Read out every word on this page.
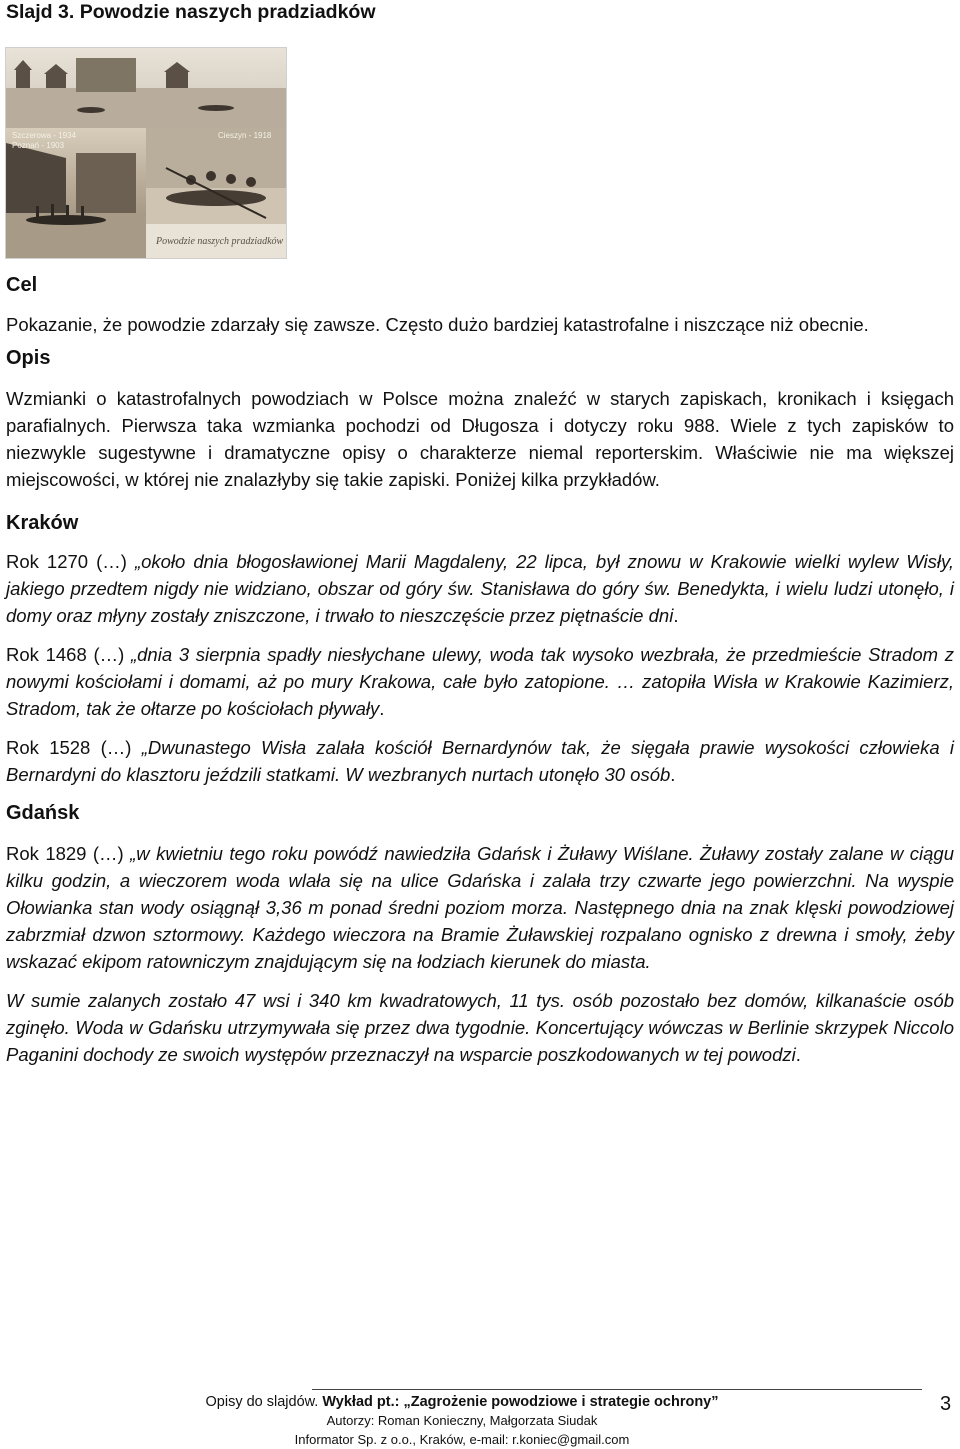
Slajd 3. Powodzie naszych pradziadków
Szczerowa - 1934
Poznań - 1903
Cieszyn - 1918
Powodzie naszych pradziadków
Cel

Pokazanie, że powodzie zdarzały się zawsze. Często dużo bardziej katastrofalne i niszczące niż obecnie.

Opis

Wzmianki o katastrofalnych powodziach w Polsce można znaleźć w starych zapiskach, kronikach i księgach parafialnych. Pierwsza taka wzmianka pochodzi od Długosza i dotyczy roku 988. Wiele z tych zapisków to niezwykle sugestywne i dramatyczne opisy o charakterze niemal reporterskim. Właściwie nie ma większej miejscowości, w której nie znalazłyby się takie zapiski. Poniżej kilka przykładów.

Kraków

Rok 1270 (…) „około dnia błogosławionej Marii Magdaleny, 22 lipca, był znowu w Krakowie wielki wylew Wisły, jakiego przedtem nigdy nie widziano, obszar od góry św. Stanisława do góry św. Benedykta, i wielu ludzi utonęło, i domy oraz młyny zostały zniszczone, i trwało to nieszczęście przez piętnaście dni.

Rok 1468 (…) „dnia 3 sierpnia spadły niesłychane ulewy, woda tak wysoko wezbrała, że przedmieście Stradom z nowymi kościołami i domami, aż po mury Krakowa, całe było zatopione. … zatopiła Wisła w Krakowie Kazimierz, Stradom, tak że ołtarze po kościołach pływały.

Rok 1528 (…) „Dwunastego Wisła zalała kościół Bernardynów tak, że sięgała prawie wysokości człowieka i Bernardyni do klasztoru jeździli statkami. W wezbranych nurtach utonęło 30 osób.

Gdańsk

Rok 1829 (…) „w kwietniu tego roku powódź nawiedziła Gdańsk i Żuławy Wiślane. Żuławy zostały zalane w ciągu kilku godzin, a wieczorem woda wlała się na ulice Gdańska i zalała trzy czwarte jego powierzchni. Na wyspie Ołowianka stan wody osiągnął 3,36 m ponad średni poziom morza. Następnego dnia na znak klęski powodziowej zabrzmiał dzwon sztormowy. Każdego wieczora na Bramie Żuławskiej rozpalano ognisko z drewna i smoły, żeby wskazać ekipom ratowniczym znajdującym się na łodziach kierunek do miasta.

W sumie zalanych zostało 47 wsi i 340 km kwadratowych, 11 tys. osób pozostało bez domów, kilkanaście osób zginęło. Woda w Gdańsku utrzymywała się przez dwa tygodnie. Koncertujący wówczas w Berlinie skrzypek Niccolo Paganini dochody ze swoich występów przeznaczył na wsparcie poszkodowanych w tej powodzi.

Opisy do slajdów. Wykład pt.: „Zagrożenie powodziowe i strategie ochrony”
Autorzy: Roman Konieczny, Małgorzata Siudak
Informator Sp. z o.o., Kraków, e-mail: r.koniec@gmail.com
3
